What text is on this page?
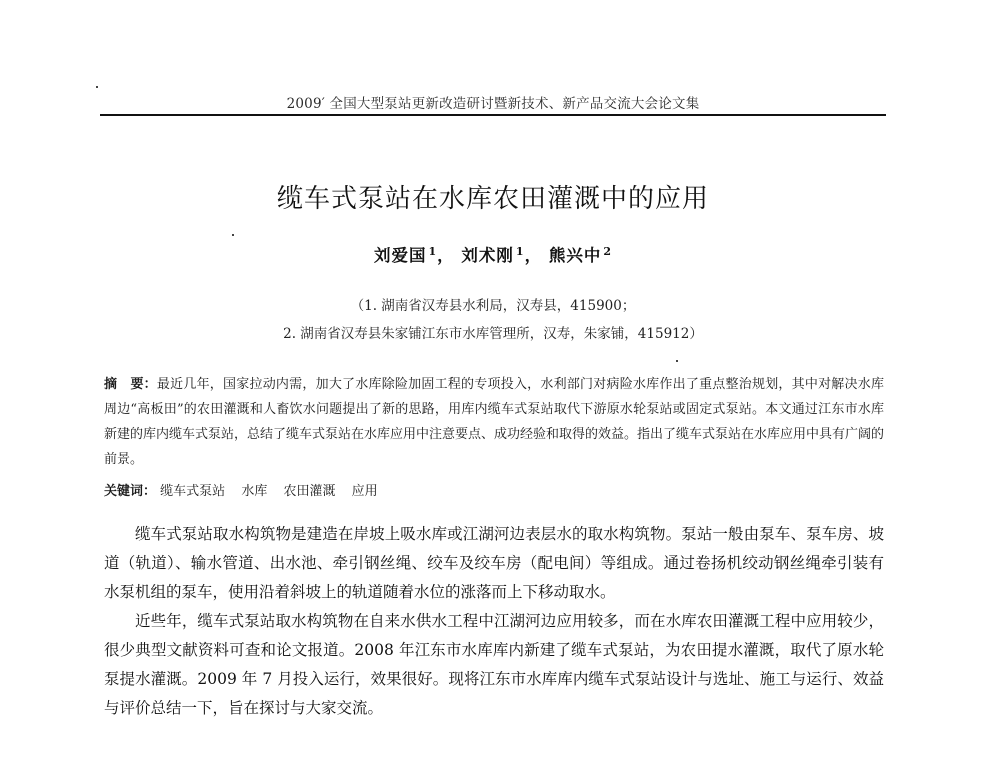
2009′ 全国大型泵站更新改造研讨暨新技术、新产品交流大会论文集
缆车式泵站在水库农田灌溉中的应用
刘爱国 $^1$， 刘术刚 $^1$， 熊兴中 $^2$
（1. 湖南省汉寿县水利局，汉寿县，415900；
2. 湖南省汉寿县朱家铺江东市水库管理所，汉寿，朱家铺，415912）
摘　要：最近几年，国家拉动内需，加大了水库除险加固工程的专项投入，水利部门对病险水库作出了重点整治规划，其中对解决水库周边“高板田”的农田灌溉和人畜饮水问题提出了新的思路，用库内缆车式泵站取代下游原水轮泵站或固定式泵站。本文通过江东市水库新建的库内缆车式泵站，总结了缆车式泵站在水库应用中注意要点、成功经验和取得的效益。指出了缆车式泵站在水库应用中具有广阔的前景。
关键词： 缆车式泵站 水库 农田灌溉 应用

缆车式泵站取水构筑物是建造在岸坡上吸水库或江湖河边表层水的取水构筑物。泵站一般由泵车、泵车房、坡道（轨道）、输水管道、出水池、牵引钢丝绳、绞车及绞车房（配电间）等组成。通过卷扬机绞动钢丝绳牵引装有水泵机组的泵车，使用沿着斜坡上的轨道随着水位的涨落而上下移动取水。

近些年，缆车式泵站取水构筑物在自来水供水工程中江湖河边应用较多，而在水库农田灌溉工程中应用较少，很少典型文献资料可查和论文报道。2008 年江东市水库库内新建了缆车式泵站，为农田提水灌溉，取代了原水轮泵提水灌溉。2009 年 7 月投入运行，效果很好。现将江东市水库库内缆车式泵站设计与选址、施工与运行、效益与评价总结一下，旨在探讨与大家交流。
